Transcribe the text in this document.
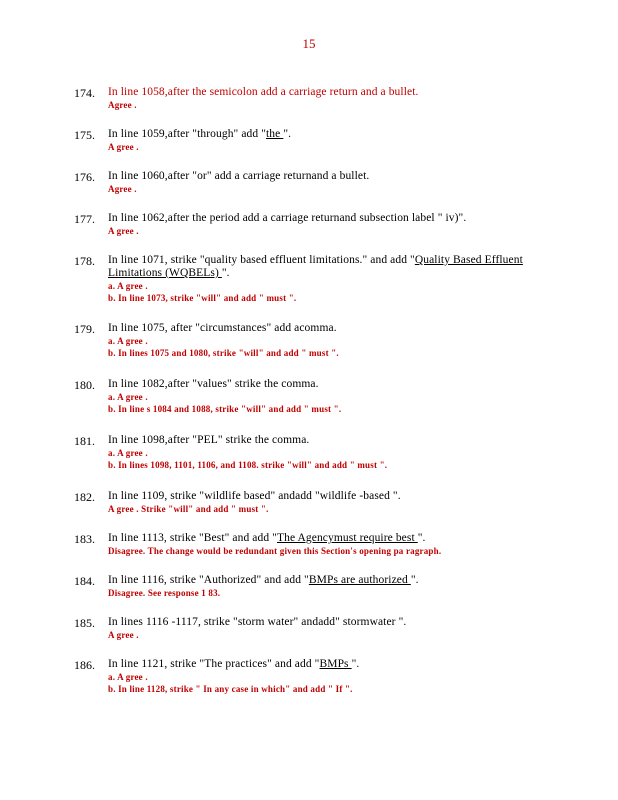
15
174. In line 1058,after the semicolon add a carriage return and a bullet.
Agree .
175. In line 1059,after "through" add "the ".
A gree .
176. In line 1060,after "or" add a carriage returnand a bullet.
Agree .
177. In line 1062,after the period add a carriage returnand subsection label " iv)".
A gree .
178. In line 1071, strike "quality based effluent limitations." and add "Quality Based Effluent Limitations (WQBELs) ".
a. A gree .
b. In line 1073, strike "will" and add " must ".
179. In line 1075, after "circumstances" add acomma.
a. A gree .
b. In lines 1075 and 1080, strike "will" and add " must ".
180. In line 1082,after "values" strike the comma.
a. A gree .
b. In line s 1084 and 1088, strike "will" and add " must ".
181. In line 1098,after "PEL" strike the comma.
a. A gree .
b. In lines 1098, 1101, 1106, and 1108. strike "will" and add " must ".
182. In line 1109, strike "wildlife based" andadd "wildlife -based ".
A gree . Strike "will" and add " must ".
183. In line 1113, strike "Best" and add "The Agencymust require best ".
Disagree. The change would be redundant given this Section's opening pa ragraph.
184. In line 1116, strike "Authorized" and add "BMPs are authorized ".
Disagree. See response 1 83.
185. In lines 1116 -1117, strike "storm water" andadd" stormwater ".
A gree .
186. In line 1121, strike "The practices" and add "BMPs ".
a. A gree .
b. In line 1128, strike " In any case in which" and add " If ".
